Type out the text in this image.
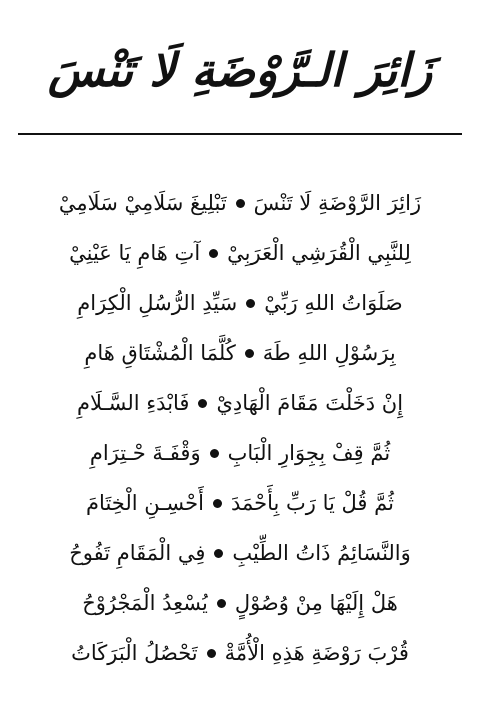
زَائِرَ الـرَّوْضَةِ لَا تَنْسَ
زَائِرَ الرَّوْضَةِ لَا تَنْسَ
تَبْلِيغَ سَلَامِيْ سَلَامِيْ
لِلنَّبِي الْقُرَشِي الْعَرَبِيْ
آتِ هَامِ يَا عَيْنِيْ
صَلَوَاتُ اللهِ رَبِّيْ
سَيِّدِ الرُّسُلِ الْكِرَامِ
بِرَسُوْلِ اللهِ طَهَ
كُلَّمَا الْمُشْتَاقِ هَامِ
إِنْ دَخَلْتَ مَقَامَ الْهَادِيْ
فَابْدَءِ السَّـلَامِ
ثُمَّ قِفْ بِجِوَارِ الْبَابِ
وَقْفَـةَ حْـتِرَامِ
ثُمَّ قُلْ يَا رَبِّ بِأَحْمَدَ
أَحْسِـنِ الْخِتَامَ
وَالنَّسَائِمُ ذَاتُ الطِّيْبِ
فِي الْمَقَامِ تَفُوحُ
هَلْ إِلَيْهَا مِنْ وُصُوْلٍ
يُسْعِدُ الْمَجْرُوْحُ
قُرْبَ رَوْضَةِ هَذِهِ الْأُمَّةْ
تَحْصُلُ الْبَرَكَاتُ
